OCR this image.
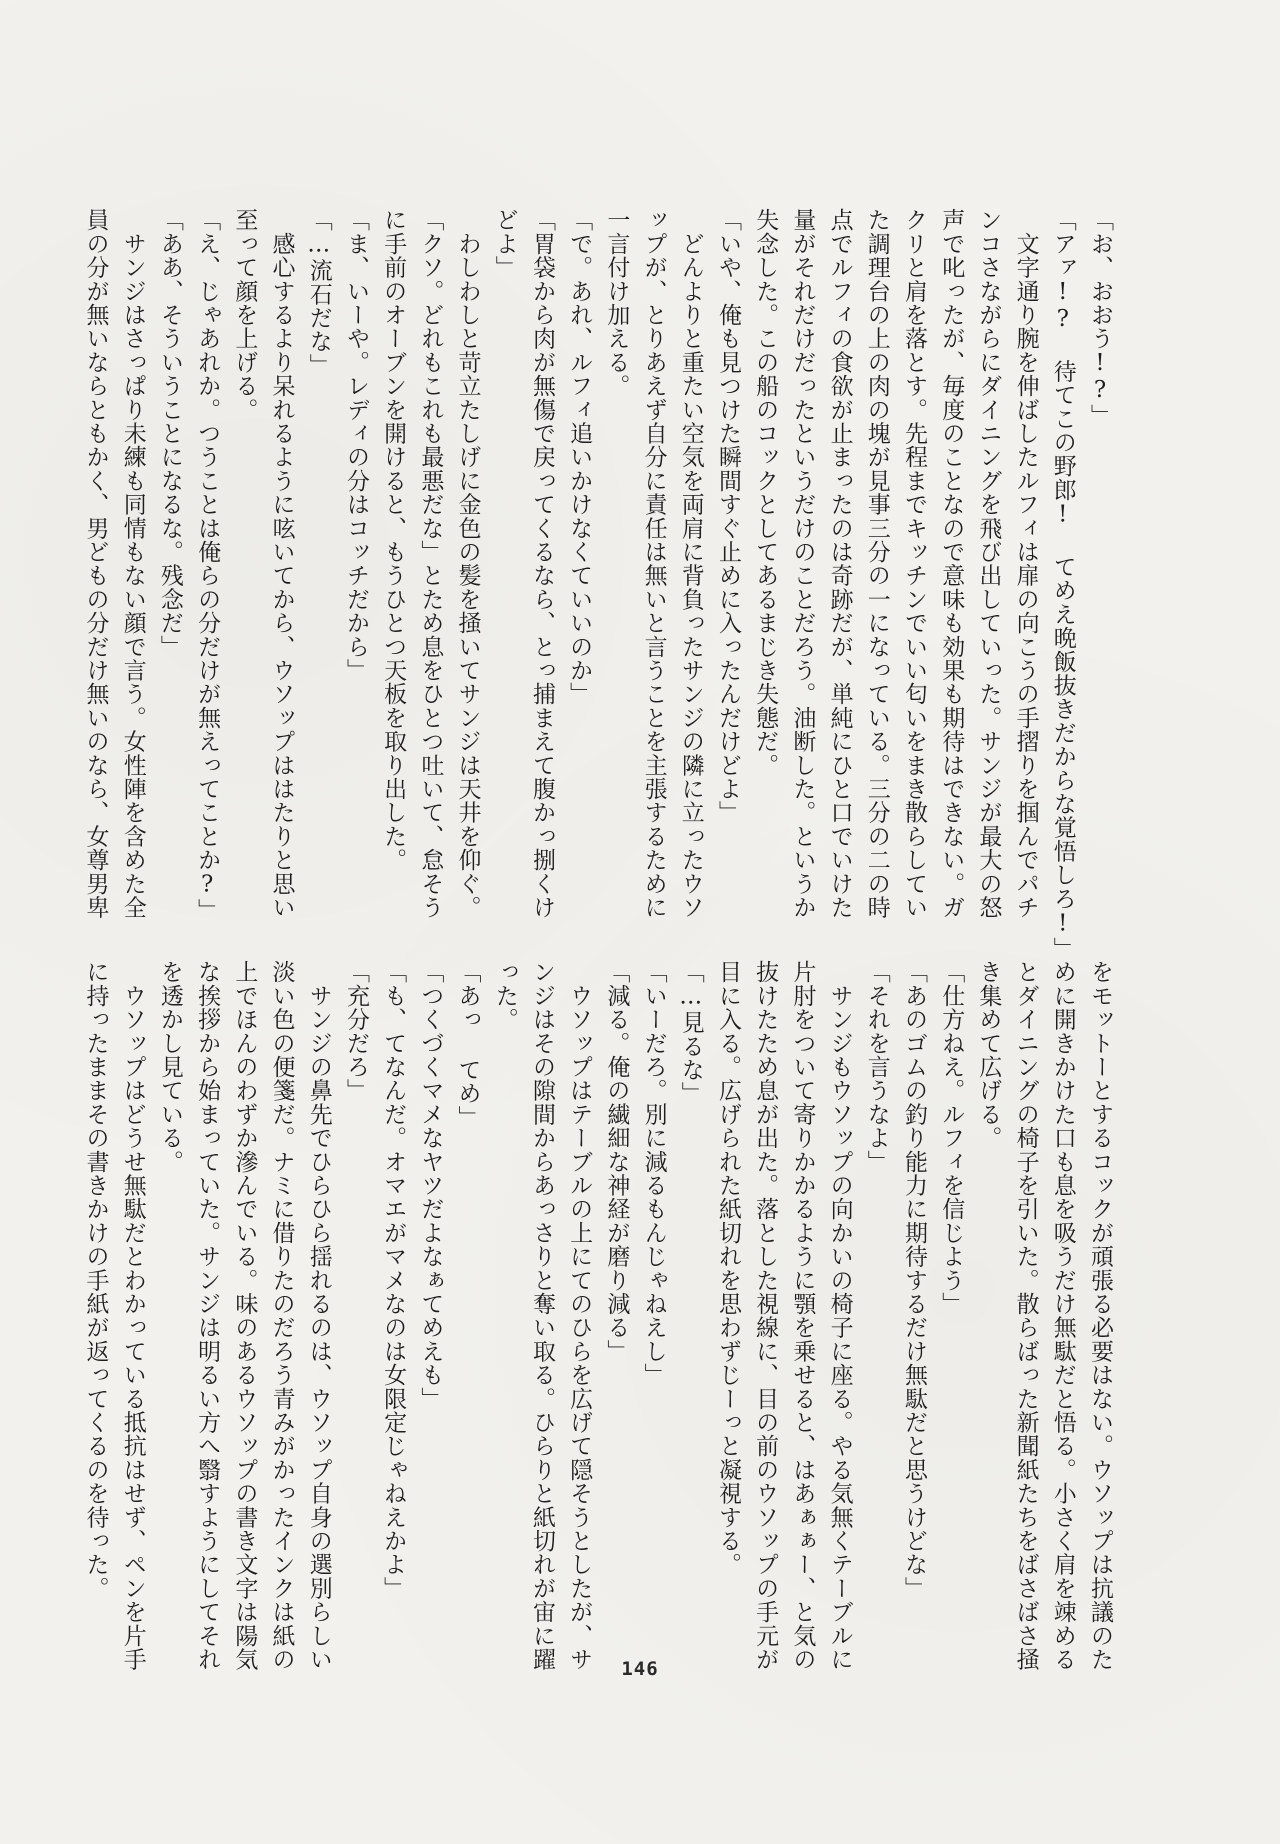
「お、おおう!?」
「アァ!? 待てこの野郎! てめえ晩飯抜きだからな覚悟しろ!」
　文字通り腕を伸ばしたルフィは扉の向こうの手摺りを掴んでパチ
ンコさながらにダイニングを飛び出していった。サンジが最大の怒
声で叱ったが、毎度のことなので意味も効果も期待はできない。ガ
クリと肩を落とす。先程までキッチンでいい匂いをまき散らしてい
た調理台の上の肉の塊が見事三分の一になっている。三分の二の時
点でルフィの食欲が止まったのは奇跡だが、単純にひと口でいけた
量がそれだけだったというだけのことだろう。油断した。というか
失念した。この船のコックとしてあるまじき失態だ。
「いや、俺も見つけた瞬間すぐ止めに入ったんだけどよ」
　どんよりと重たい空気を両肩に背負ったサンジの隣に立ったウソ
ップが、とりあえず自分に責任は無いと言うことを主張するために
一言付け加える。
「で。あれ、ルフィ追いかけなくていいのか」
「胃袋から肉が無傷で戻ってくるなら、とっ捕まえて腹かっ捌くけ
どよ」
　わしわしと苛立たしげに金色の髪を掻いてサンジは天井を仰ぐ。
「クソ。どれもこれも最悪だな」とため息をひとつ吐いて、怠そう
に手前のオーブンを開けると、もうひとつ天板を取り出した。
「ま、いーや。レディの分はコッチだから」
「…流石だな」
　感心するより呆れるように呟いてから、ウソップははたりと思い
至って顔を上げる。
「え、じゃあれか。つうことは俺らの分だけが無えってことか?」
「ああ、そういうことになるな。残念だ」
　サンジはさっぱり未練も同情もない顔で言う。女性陣を含めた全
員の分が無いならともかく、男どもの分だけ無いのなら、女尊男卑
をモットーとするコックが頑張る必要はない。ウソップは抗議のた
めに開きかけた口も息を吸うだけ無駄だと悟る。小さく肩を竦める
とダイニングの椅子を引いた。散らばった新聞紙たちをばさばさ掻
き集めて広げる。
「仕方ねえ。ルフィを信じよう」
「あのゴムの釣り能力に期待するだけ無駄だと思うけどな」
「それを言うなよ」
　サンジもウソップの向かいの椅子に座る。やる気無くテーブルに
片肘をついて寄りかかるように顎を乗せると、はあぁぁー、と気の
抜けたため息が出た。落とした視線に、目の前のウソップの手元が
目に入る。広げられた紙切れを思わずじーっと凝視する。
「…見るな」
「いーだろ。別に減るもんじゃねえし」
「減る。俺の繊細な神経が磨り減る」
　ウソップはテーブルの上にてのひらを広げて隠そうとしたが、サ
ンジはその隙間からあっさりと奪い取る。ひらりと紙切れが宙に躍
った。
「あっ てめ」
「つくづくマメなヤツだよなぁてめえも」
「も、てなんだ。オマエがマメなのは女限定じゃねえかよ」
「充分だろ」
　サンジの鼻先でひらひら揺れるのは、ウソップ自身の選別らしい
淡い色の便箋だ。ナミに借りたのだろう青みがかったインクは紙の
上でほんのわずか滲んでいる。味のあるウソップの書き文字は陽気
な挨拶から始まっていた。サンジは明るい方へ翳すようにしてそれ
を透かし見ている。
　ウソップはどうせ無駄だとわかっている抵抗はせず、ペンを片手
に持ったままその書きかけの手紙が返ってくるのを待った。
146
